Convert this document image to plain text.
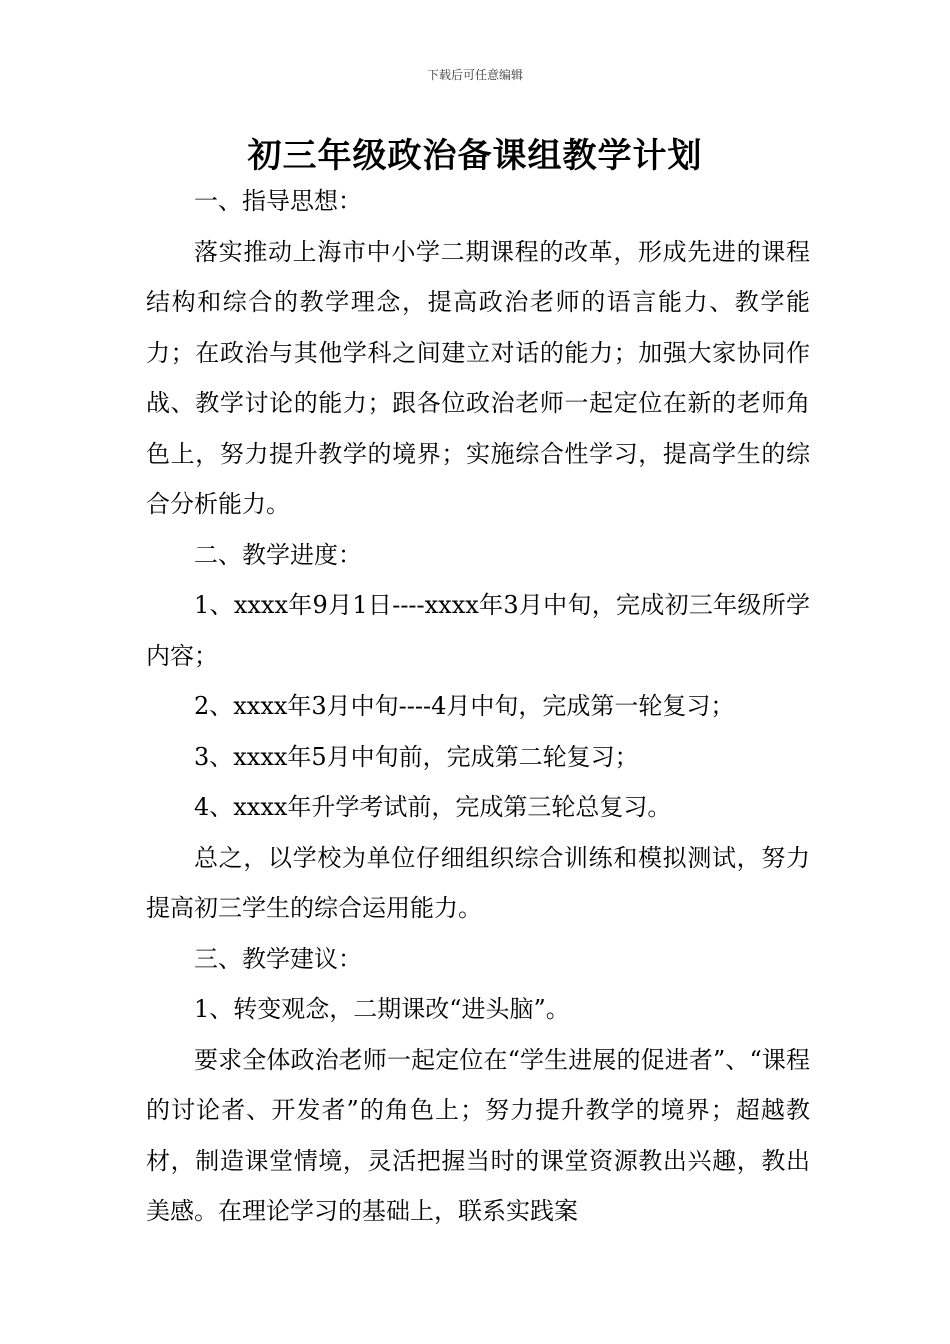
下载后可任意编辑
初三年级政治备课组教学计划

一、指导思想：

落实推动上海市中小学二期课程的改革，形成先进的课程结构和综合的教学理念，提高政治老师的语言能力、教学能力；在政治与其他学科之间建立对话的能力；加强大家协同作战、教学讨论的能力；跟各位政治老师一起定位在新的老师角色上，努力提升教学的境界；实施综合性学习，提高学生的综合分析能力。

二、教学进度：

1、xxxx年9月1日----xxxx年3月中旬，完成初三年级所学内容；

2、xxxx年3月中旬----4月中旬，完成第一轮复习；

3、xxxx年5月中旬前，完成第二轮复习；

4、xxxx年升学考试前，完成第三轮总复习。

总之，以学校为单位仔细组织综合训练和模拟测试，努力提高初三学生的综合运用能力。

三、教学建议：

1、转变观念，二期课改“进头脑”。

要求全体政治老师一起定位在“学生进展的促进者”、“课程的讨论者、开发者”的角色上；努力提升教学的境界；超越教材，制造课堂情境，灵活把握当时的课堂资源教出兴趣，教出美感。在理论学习的基础上，联系实践案
